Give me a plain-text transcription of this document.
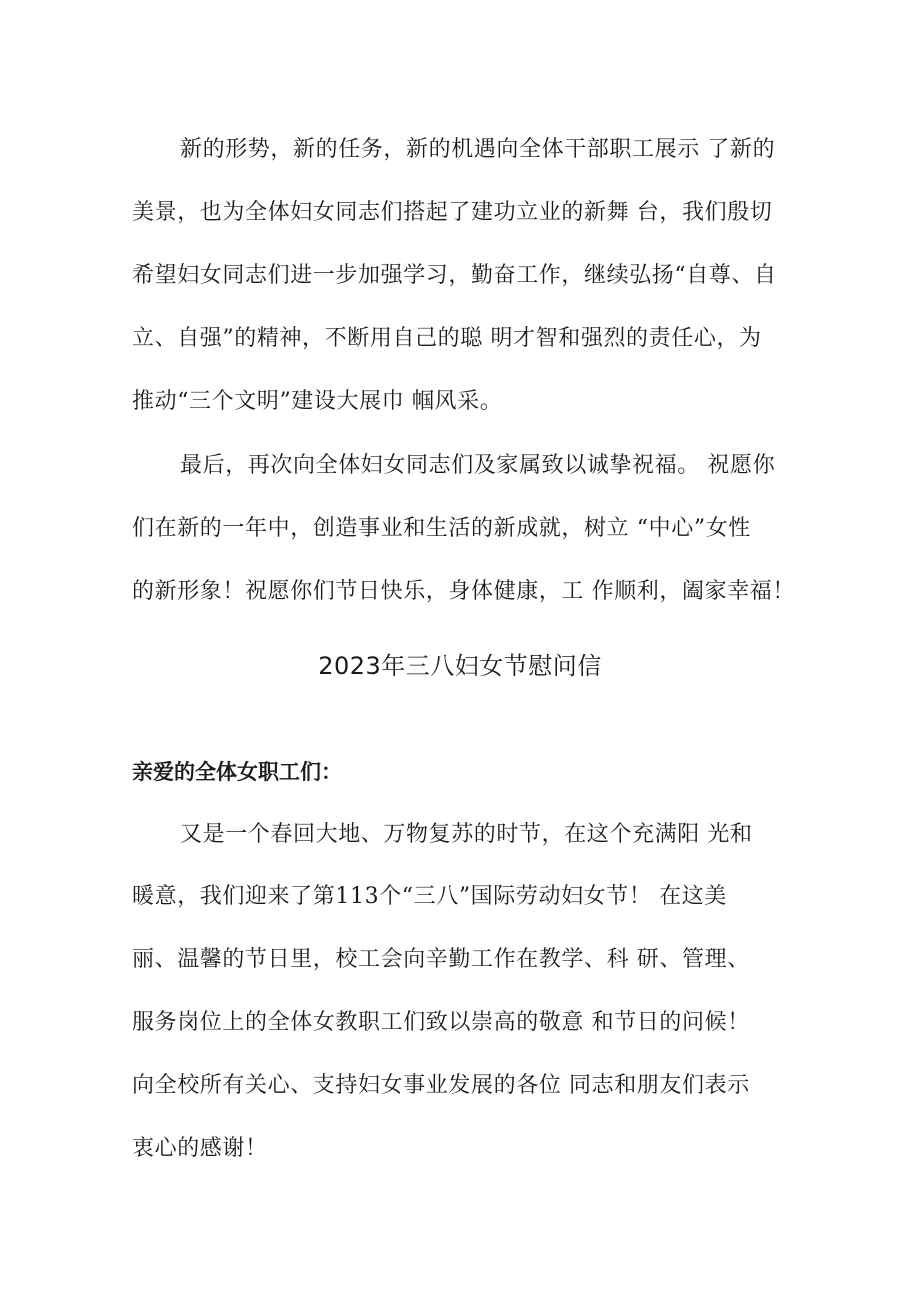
新的形势，新的任务，新的机遇向全体干部职工展示 了新的
美景，也为全体妇女同志们搭起了建功立业的新舞 台，我们殷切
希望妇女同志们进一步加强学习，勤奋工作，继续弘扬“自尊、自
立、自强”的精神，不断用自己的聪 明才智和强烈的责任心，为
推动“三个文明”建设大展巾 帼风采。
最后，再次向全体妇女同志们及家属致以诚挚祝福。 祝愿你
们在新的一年中，创造事业和生活的新成就，树立 “中心”女性
的新形象！祝愿你们节日快乐，身体健康，工 作顺利，阖家幸福！
2023年三八妇女节慰问信
亲爱的全体女职工们：
又是一个春回大地、万物复苏的时节，在这个充满阳 光和
暖意，我们迎来了第113个“三八”国际劳动妇女节！ 在这美
丽、温馨的节日里，校工会向辛勤工作在教学、科 研、管理、
服务岗位上的全体女教职工们致以崇高的敬意 和节日的问候！
向全校所有关心、支持妇女事业发展的各位 同志和朋友们表示
衷心的感谢！
